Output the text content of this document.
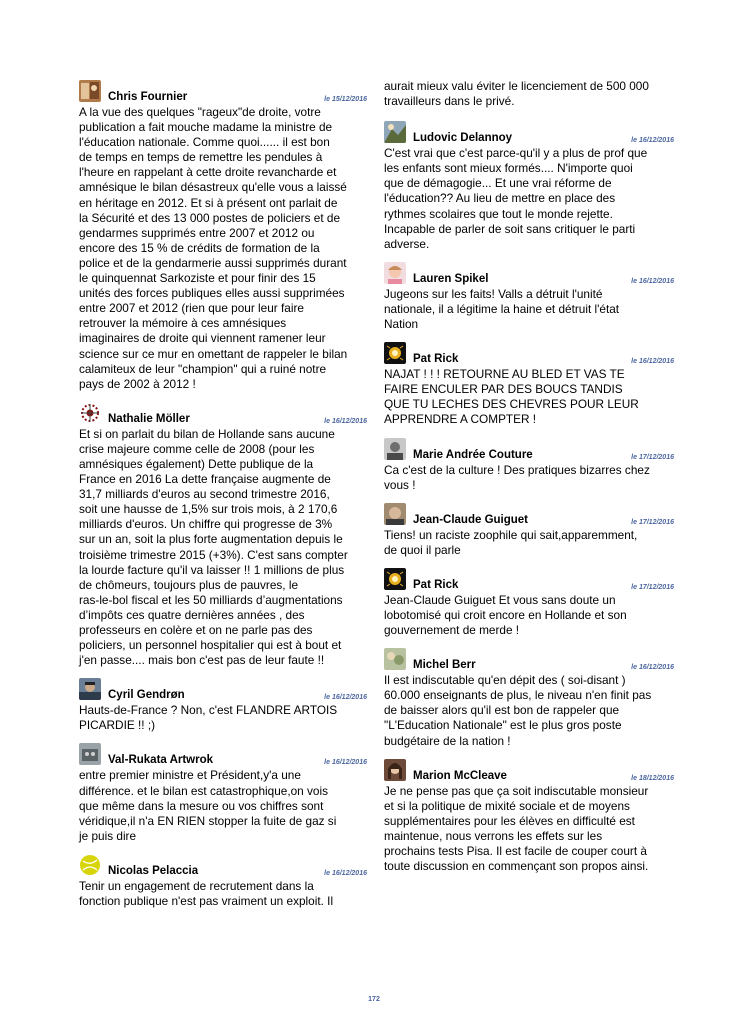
Chris Fournier	le 15/12/2016
A la vue des quelques "rageux"de droite, votre
publication a fait mouche madame la ministre de
l'éducation nationale. Comme quoi...... il est bon
de temps en temps de remettre les pendules à
l'heure en rappelant à cette droite revancharde et
amnésique le bilan désastreux qu'elle vous a laissé
en héritage en 2012. Et si à présent ont parlait de
la Sécurité et des 13 000 postes de policiers et de
gendarmes supprimés entre 2007 et 2012 ou
encore des 15 % de crédits de formation de la
police et de la gendarmerie aussi supprimés durant
le quinquennat Sarkoziste et pour finir des 15
unités des forces publiques elles aussi supprimées
entre 2007 et 2012 (rien que pour leur faire
retrouver la mémoire à ces amnésiques
imaginaires de droite qui viennent ramener leur
science sur ce mur en omettant de rappeler le bilan
calamiteux de leur "champion" qui a ruiné notre
pays de 2002 à 2012 !
Nathalie Möller	le 16/12/2016
Et si on parlait du bilan de Hollande sans aucune
crise majeure comme celle de 2008 (pour les
amnésiques également) Dette publique de la
France en 2016 La dette française augmente de
31,7 milliards d'euros au second trimestre 2016,
soit une hausse de 1,5% sur trois mois, à 2 170,6
milliards d'euros. Un chiffre qui progresse de 3%
sur un an, soit la plus forte augmentation depuis le
troisième trimestre 2015 (+3%). C'est sans compter
la lourde facture qu'il va laisser !! 1 millions de plus
de chômeurs, toujours plus de pauvres, le
ras-le-bol fiscal et les 50 milliards d’augmentations
d’impôts ces quatre dernières années , des
professeurs en colère et on ne parle pas des
policiers, un personnel hospitalier qui est à bout et
j'en passe.... mais bon c'est pas de leur faute !!
Cyril Gendrøn	le 16/12/2016
Hauts-de-France ? Non, c'est FLANDRE ARTOIS
PICARDIE !! ;)
Val-Rukata Artwrok	le 16/12/2016
entre premier ministre et Président,y'a une
différence. et le bilan est catastrophique,on vois
que même dans la mesure ou vos chiffres sont
véridique,il n'a EN RIEN stopper la fuite de gaz si
je puis dire
Nicolas Pelaccia	le 16/12/2016
Tenir un engagement de recrutement dans la
fonction publique n'est pas vraiment un exploit. Il
aurait mieux valu éviter le licenciement de 500 000
travailleurs dans le privé.
Ludovic Delannoy	le 16/12/2016
C'est vrai que c'est parce-qu'il y a plus de prof que
les enfants sont mieux formés.... N'importe quoi
que de démagogie... Et une vrai réforme de
l'éducation?? Au lieu de mettre en place des
rythmes scolaires que tout le monde rejette.
Incapable de parler de soit sans critiquer le parti
adverse.
Lauren Spikel	le 16/12/2016
Jugeons sur les faits! Valls a détruit l'unité
nationale, il a légitime la haine et détruit l'état
Nation
Pat Rick	le 16/12/2016
NAJAT ! ! ! RETOURNE AU BLED ET VAS TE
FAIRE ENCULER PAR DES BOUCS TANDIS
QUE TU LECHES DES CHEVRES POUR LEUR
APPRENDRE A COMPTER !
Marie Andrée Couture	le 17/12/2016
Ca c'est de la culture ! Des pratiques bizarres chez
vous !
Jean-Claude Guiguet	le 17/12/2016
Tiens! un raciste zoophile qui sait,apparemment,
de quoi il parle
Pat Rick	le 17/12/2016
Jean-Claude Guiguet Et vous sans doute un
lobotomisé qui croit encore en Hollande et son
gouvernement de merde !
Michel Berr	le 16/12/2016
Il est indiscutable qu'en dépit des ( soi-disant )
60.000 enseignants de plus, le niveau n'en finit pas
de baisser alors qu'il est bon de rappeler que
"L'Education Nationale" est le plus gros poste
budgétaire de la nation !
Marion McCleave	le 18/12/2016
Je ne pense pas que ça soit indiscutable monsieur
et si la politique de mixité sociale et de moyens
supplémentaires pour les élèves en difficulté est
maintenue, nous verrons les effets sur les
prochains tests Pisa. Il est facile de couper court à
toute discussion en commençant son propos ainsi.
172
